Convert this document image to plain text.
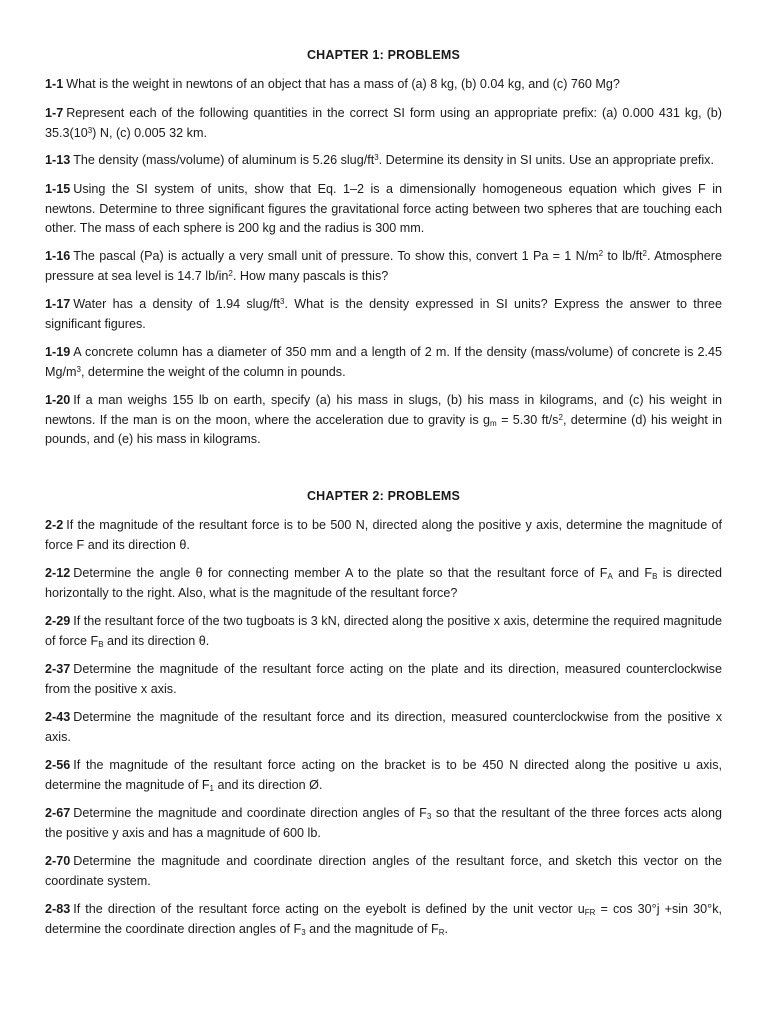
CHAPTER 1: PROBLEMS

1-1 What is the weight in newtons of an object that has a mass of (a) 8 kg, (b) 0.04 kg, and (c) 760 Mg?

1-7 Represent each of the following quantities in the correct SI form using an appropriate prefix: (a) 0.000 431 kg, (b) $35.3(10^3)$ N, (c) 0.005 32 km.

1-13 The density (mass/volume) of aluminum is 5.26 slug/$ft^3$. Determine its density in SI units. Use an appropriate prefix.

1-15 Using the SI system of units, show that Eq. 1–2 is a dimensionally homogeneous equation which gives F in newtons. Determine to three significant figures the gravitational force acting between two spheres that are touching each other. The mass of each sphere is 200 kg and the radius is 300 mm.

1-16 The pascal (Pa) is actually a very small unit of pressure. To show this, convert 1 Pa = 1 $N/m^2$ to $lb/ft^2$. Atmosphere pressure at sea level is 14.7 $lb/in^2$. How many pascals is this?

1-17 Water has a density of 1.94 slug/$ft^3$. What is the density expressed in SI units? Express the answer to three significant figures.

1-19 A concrete column has a diameter of 350 mm and a length of 2 m. If the density (mass/volume) of concrete is 2.45 $Mg/m^3$, determine the weight of the column in pounds.

1-20 If a man weighs 155 lb on earth, specify (a) his mass in slugs, (b) his mass in kilograms, and (c) his weight in newtons. If the man is on the moon, where the acceleration due to gravity is $g_m = 5.30$ $ft/s^2$, determine (d) his weight in pounds, and (e) his mass in kilograms.

CHAPTER 2: PROBLEMS

2-2 If the magnitude of the resultant force is to be 500 N, directed along the positive y axis, determine the magnitude of force F and its direction θ.

2-12 Determine the angle θ for connecting member A to the plate so that the resultant force of $F_A$ and $F_B$ is directed horizontally to the right. Also, what is the magnitude of the resultant force?

2-29 If the resultant force of the two tugboats is 3 kN, directed along the positive x axis, determine the required magnitude of force $F_B$ and its direction θ.

2-37 Determine the magnitude of the resultant force acting on the plate and its direction, measured counterclockwise from the positive x axis.

2-43 Determine the magnitude of the resultant force and its direction, measured counterclockwise from the positive x axis.

2-56 If the magnitude of the resultant force acting on the bracket is to be 450 N directed along the positive u axis, determine the magnitude of $F_1$ and its direction Ø.

2-67 Determine the magnitude and coordinate direction angles of $F_3$ so that the resultant of the three forces acts along the positive y axis and has a magnitude of 600 lb.

2-70 Determine the magnitude and coordinate direction angles of the resultant force, and sketch this vector on the coordinate system.

2-83 If the direction of the resultant force acting on the eyebolt is defined by the unit vector $u_{FR} = \cos 30^\circ j +\sin$ 30°k, determine the coordinate direction angles of $F_3$ and the magnitude of $F_R$.
